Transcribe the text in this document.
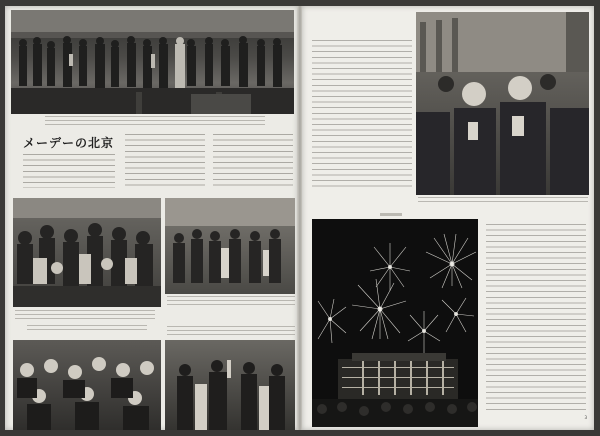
メーデーの北京
3
